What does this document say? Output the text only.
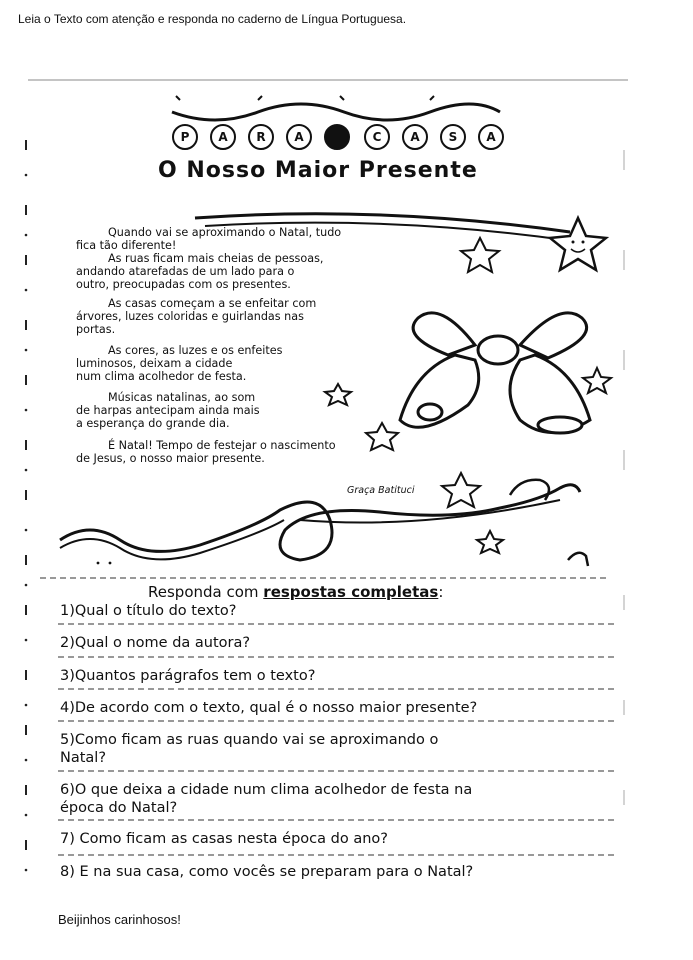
Leia o Texto com atenção e responda no caderno de Língua Portuguesa.
P	A	R	A	C	A	S	A
O Nosso Maior Presente
Quando vai se aproximando o Natal, tudo
fica tão diferente!
As ruas ficam mais cheias de pessoas,
andando atarefadas de um lado para o
outro, preocupadas com os presentes.
As casas começam a se enfeitar com
árvores, luzes coloridas e guirlandas nas
portas.
As cores, as luzes e os enfeites
luminosos, deixam a cidade
num clima acolhedor de festa.
Músicas natalinas, ao som
de harpas antecipam ainda mais
a esperança do grande dia.
É Natal! Tempo de festejar o nascimento
de Jesus, o nosso maior presente.
Graça Batituci
Responda com respostas completas:
1)Qual o título do texto?
2)Qual o nome da autora?
3)Quantos parágrafos tem o texto?
4)De acordo com o texto, qual é o nosso maior presente?
5)Como ficam as ruas quando vai se aproximando o
Natal?
6)O que deixa a cidade num clima acolhedor de festa na
época do Natal?
7) Como ficam as casas nesta época do ano?
8) E na sua casa, como vocês se preparam para o Natal?
Beijinhos carinhosos!
